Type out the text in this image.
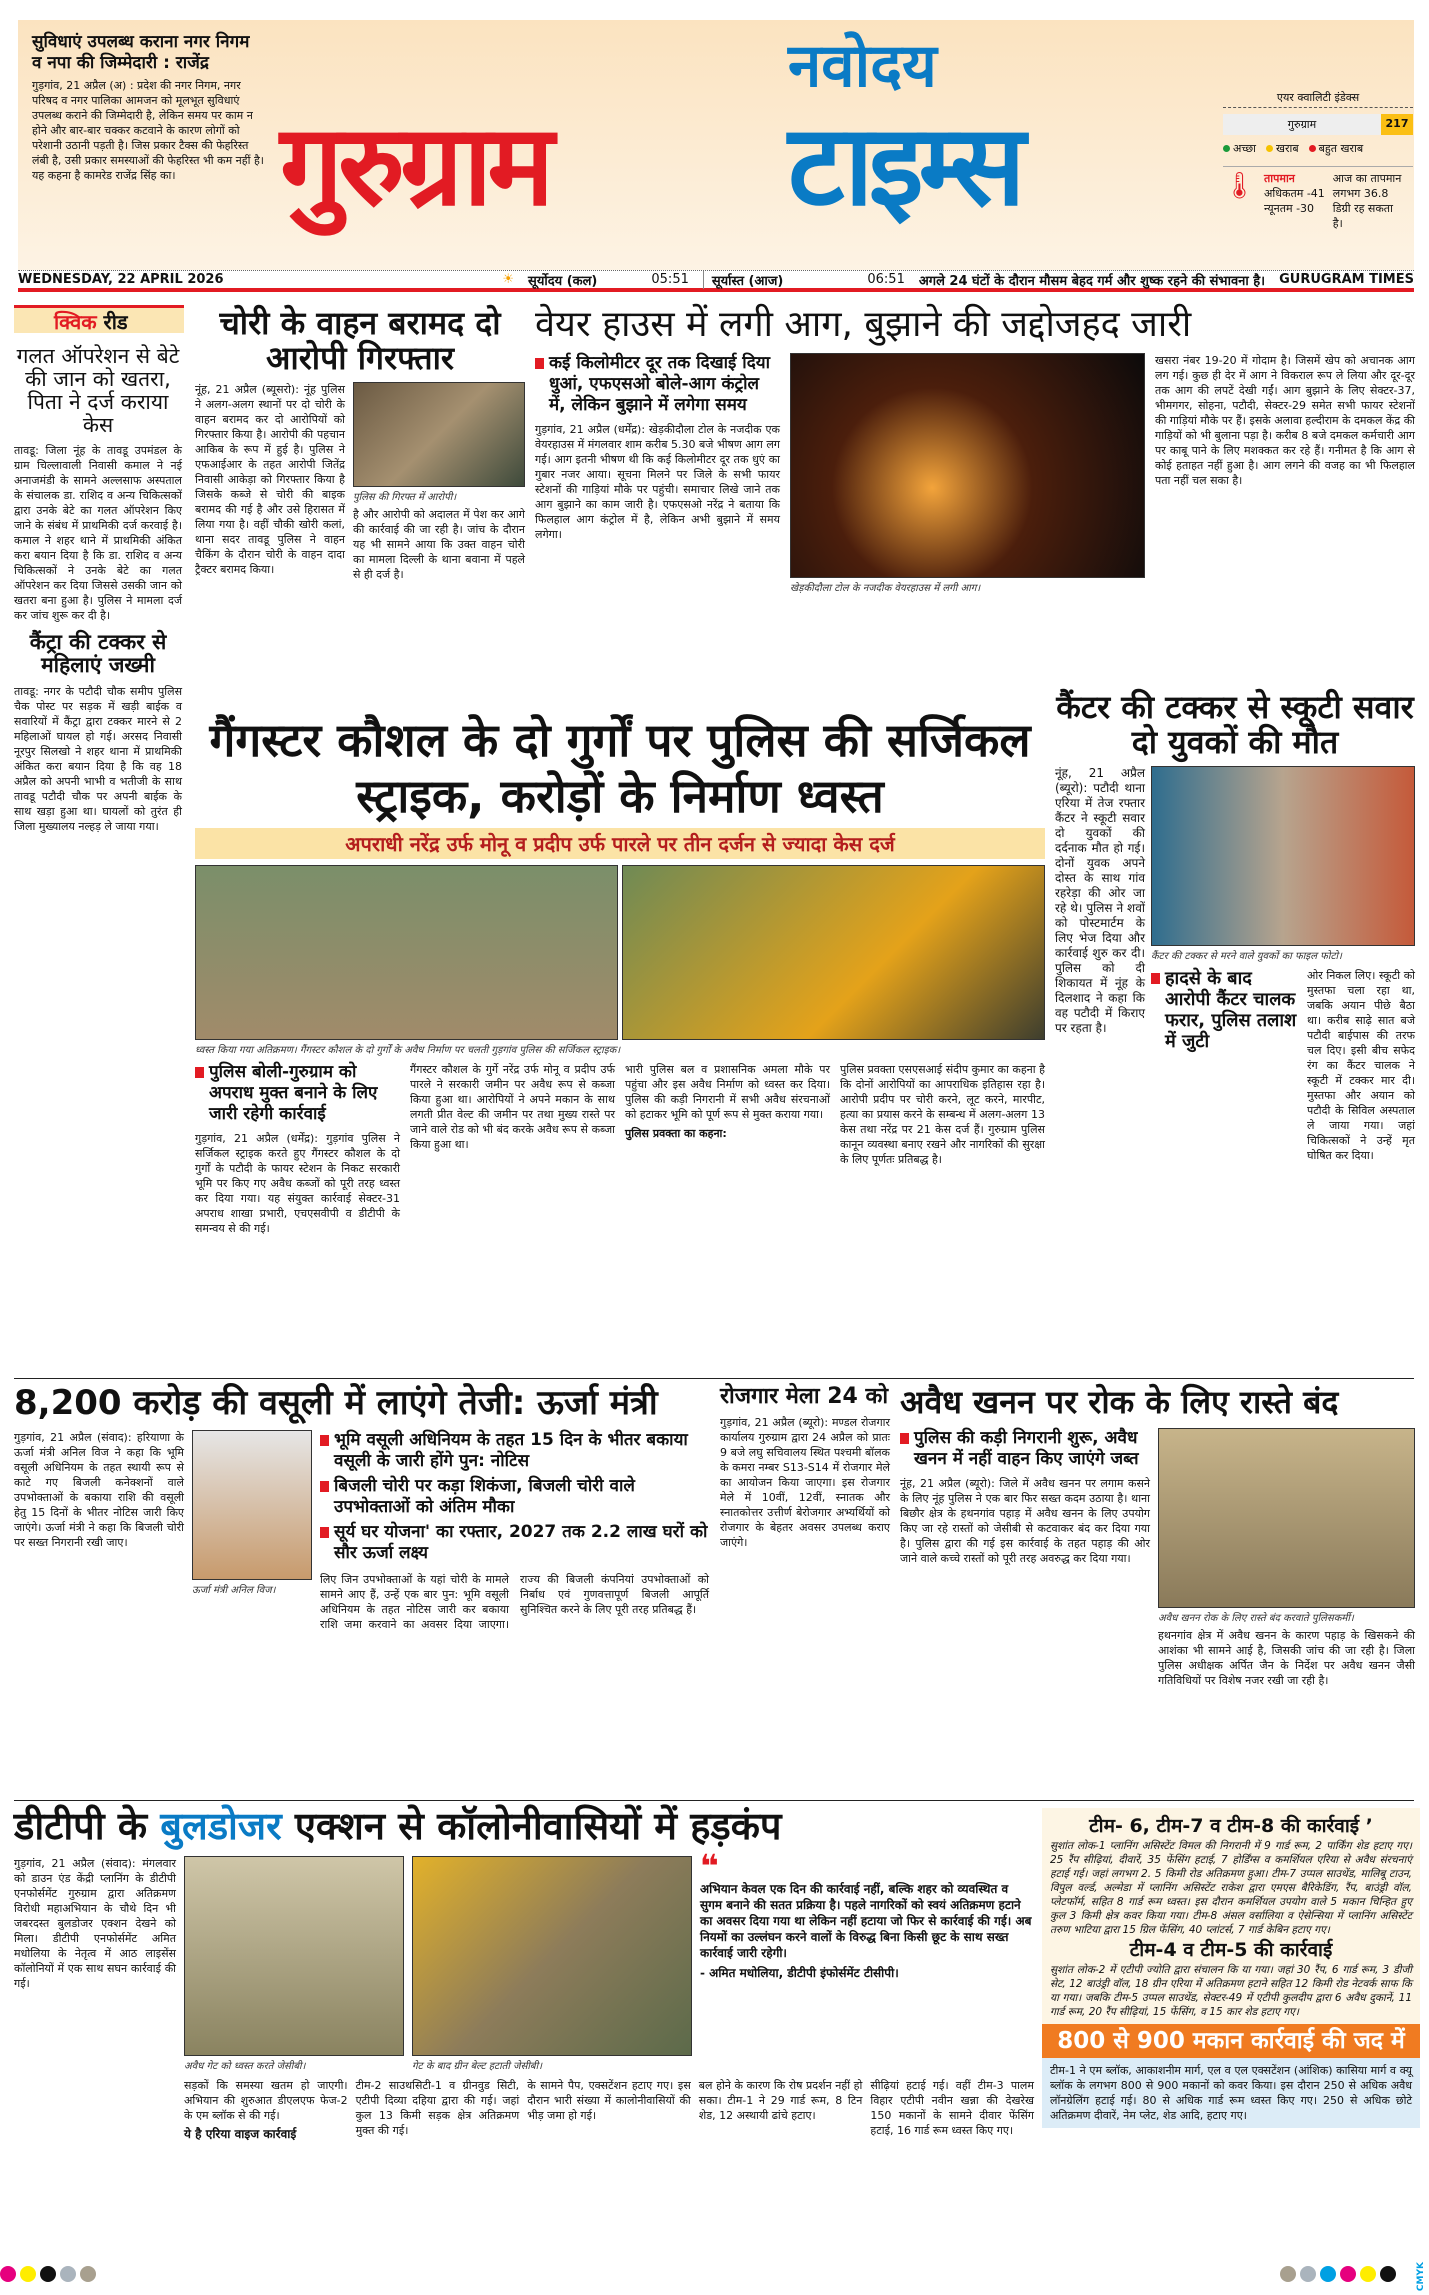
सुविधाएं उपलब्ध कराना नगर निगम व नपा की जिम्मेदारी : राजेंद्र

गुड़गांव, 21 अप्रैल (अ) : प्रदेश की नगर निगम, नगर परिषद व नगर पालिका आमजन को मूलभूत सुविधाएं उपलब्ध कराने की जिम्मेदारी है, लेकिन समय पर काम न होने और बार-बार चक्कर कटवाने के कारण लोगों को परेशानी उठानी पड़ती है। जिस प्रकार टैक्स की फेहरिस्त लंबी है, उसी प्रकार समस्याओं की फेहरिस्त भी कम नहीं है। यह कहना है कामरेड राजेंद्र सिंह का। गुरुग्राम
नवोदय
टाइम्स
एयर क्वालिटी इंडेक्स
गुरुग्राम	217
अच्छा	खराब	बहुत खराब
🌡 तापमान
अधिकतम -41
न्यूनतम -30
आज का तापमान लगभग 36.8 डिग्री रह सकता है।
WEDNESDAY, 22 APRIL 2026	☀ सूर्योदय (कल)	05:51	सूर्यास्त (आज)	06:51 अगले 24 घंटों के दौरान मौसम बेहद गर्म और शुष्क रहने की संभावना है। GURUGRAM TIMES
क्विक रीड
गलत ऑपरेशन से बेटे की जान को खतरा, पिता ने दर्ज कराया केस

तावडू: जिला नूंह के तावडू उपमंडल के ग्राम चिल्लावाली निवासी कमाल ने नई अनाजमंडी के सामने अल्लसाफ अस्पताल के संचालक डा. राशिद व अन्य चिकित्सकों द्वारा उनके बेटे का गलत ऑपरेशन किए जाने के संबंध में प्राथमिकी दर्ज करवाई है। कमाल ने शहर थाने में प्राथमिकी अंकित करा बयान दिया है कि डा. राशिद व अन्य चिकित्सकों ने उनके बेटे का गलत ऑपरेशन कर दिया जिससे उसकी जान को खतरा बना हुआ है। पुलिस ने मामला दर्ज कर जांच शुरू कर दी है।

कैंट्रा की टक्कर से महिलाएं जख्मी

तावडू: नगर के पटौदी चौक समीप पुलिस चैक पोस्ट पर सड़क में खड़ी बाईक व सवारियों में कैंट्रा द्वारा टक्कर मारने से 2 महिलाओं घायल हो गई। अरसद निवासी नूरपुर सिलखो ने शहर थाना में प्राथमिकी अंकित करा बयान दिया है कि वह 18 अप्रैल को अपनी भाभी व भतीजी के साथ तावडू पटौदी चौक पर अपनी बाईक के साथ खड़ा हुआ था। घायलों को तुरंत ही जिला मुख्यालय नल्हड़ ले जाया गया।

चोरी के वाहन बरामद दो आरोपी गिरफ्तार

नूंह, 21 अप्रैल (ब्यूसरो): नूंह पुलिस ने अलग-अलग स्थानों पर दो चोरी के वाहन बरामद कर दो आरोपियों को गिरफ्तार किया है। आरोपी की पहचान आकिब के रूप में हुई है। पुलिस ने एफआईआर के तहत आरोपी जितेंद्र निवासी आकेड़ा को गिरफ्तार किया है जिसके कब्जे से चोरी की बाइक बरामद की गई है और उसे हिरासत में लिया गया है। वहीं चौकी खोरी कलां, थाना सदर तावडू पुलिस ने वाहन चैकिंग के दौरान चोरी के वाहन दादा ट्रैक्टर बरामद किया।

पुलिस की गिरफ्त में आरोपी।

है और आरोपी को अदालत में पेश कर आगे की कार्रवाई की जा रही है। जांच के दौरान यह भी सामने आया कि उक्त वाहन चोरी का मामला दिल्ली के थाना बवाना में पहले से ही दर्ज है।

वेयर हाउस में लगी आग, बुझाने की जद्दोजहद जारी

कई किलोमीटर दूर तक दिखाई दिया धुआं, एफएसओ बोले-आग कंट्रोल में, लेकिन बुझाने में लगेगा समय

गुड़गांव, 21 अप्रैल (धर्मेंद्र): खेड़कीदौला टोल के नजदीक एक वेयरहाउस में मंगलवार शाम करीब 5.30 बजे भीषण आग लग गई। आग इतनी भीषण थी कि कई किलोमीटर दूर तक धुएं का गुबार नजर आया। सूचना मिलने पर जिले के सभी फायर स्टेशनों की गाड़ियां मौके पर पहुंची। समाचार लिखे जाने तक आग बुझाने का काम जारी है। एफएसओ नरेंद्र ने बताया कि फिलहाल आग कंट्रोल में है, लेकिन अभी बुझाने में समय लगेगा।

खेड़कीदौला टोल के नजदीक वेयरहाउस में लगी आग।

खसरा नंबर 19-20 में गोदाम है। जिसमें खेप को अचानक आग लग गई। कुछ ही देर में आग ने विकराल रूप ले लिया और दूर-दूर तक आग की लपटें देखी गईं। आग बुझाने के लिए सेक्टर-37, भीमगगर, सोहना, पटौदी, सेक्टर-29 समेत सभी फायर स्टेशनों की गाड़ियां मौके पर हैं। इसके अलावा हल्दीराम के दमकल केंद्र की गाड़ियों को भी बुलाना पड़ा है। करीब 8 बजे दमकल कर्मचारी आग पर काबू पाने के लिए मशक्कत कर रहे हैं। गनीमत है कि आग से कोई हताहत नहीं हुआ है। आग लगने की वजह का भी फिलहाल पता नहीं चल सका है।

गैंगस्टर कौशल के दो गुर्गों पर पुलिस की सर्जिकल स्ट्राइक, करोड़ों के निर्माण ध्वस्त
अपराधी नरेंद्र उर्फ मोनू व प्रदीप उर्फ पारले पर तीन दर्जन से ज्यादा केस दर्ज
ध्वस्त किया गया अतिक्रमण। गैंगस्टर कौशल के दो गुर्गों के अवैध निर्माण पर चलती गुड़गांव पुलिस की सर्जिकल स्ट्राइक।

पुलिस बोली-गुरुग्राम को अपराध मुक्त बनाने के लिए जारी रहेगी कार्रवाई

गुड़गांव, 21 अप्रैल (धर्मेंद्र): गुड़गांव पुलिस ने सर्जिकल स्ट्राइक करते हुए गैंगस्टर कौशल के दो गुर्गों के पटौदी के फायर स्टेशन के निकट सरकारी भूमि पर किए गए अवैध कब्जों को पूरी तरह ध्वस्त कर दिया गया। यह संयुक्त कार्रवाई सेक्टर-31 अपराध शाखा प्रभारी, एचएसवीपी व डीटीपी के समन्वय से की गई।

गैंगस्टर कौशल के गुर्गे नरेंद्र उर्फ मोनू व प्रदीप उर्फ पारले ने सरकारी जमीन पर अवैध रूप से कब्जा किया हुआ था। आरोपियों ने अपने मकान के साथ लगती प्रीत वेल्ट की जमीन पर तथा मुख्य रास्ते पर जाने वाले रोड को भी बंद करके अवैध रूप से कब्जा किया हुआ था।

भारी पुलिस बल व प्रशासनिक अमला मौके पर पहुंचा और इस अवैध निर्माण को ध्वस्त कर दिया। पुलिस की कड़ी निगरानी में सभी अवैध संरचनाओं को हटाकर भूमि को पूर्ण रूप से मुक्त कराया गया।

पुलिस प्रवक्ता का कहना:

पुलिस प्रवक्ता एसएसआई संदीप कुमार का कहना है कि दोनों आरोपियों का आपराधिक इतिहास रहा है। आरोपी प्रदीप पर चोरी करने, लूट करने, मारपीट, हत्या का प्रयास करने के सम्बन्ध में अलग-अलग 13 केस तथा नरेंद्र पर 21 केस दर्ज हैं। गुरुग्राम पुलिस कानून व्यवस्था बनाए रखने और नागरिकों की सुरक्षा के लिए पूर्णतः प्रतिबद्ध है।

कैंटर की टक्कर से स्कूटी सवार दो युवकों की मौत

नूंह, 21 अप्रैल (ब्यूरो): पटौदी थाना एरिया में तेज रफ्तार कैंटर ने स्कूटी सवार दो युवकों की दर्दनाक मौत हो गई। दोनों युवक अपने दोस्त के साथ गांव रहरेड़ा की ओर जा रहे थे। पुलिस ने शवों को पोस्टमार्टम के लिए भेज दिया और कार्रवाई शुरु कर दी। पुलिस को दी शिकायत में नूंह के दिलशाद ने कहा कि वह पटौदी में किराए पर रहता है।

कैंटर की टक्कर से मरने वाले युवकों का फाइल फोटो।

हादसे के बाद आरोपी कैंटर चालक फरार, पुलिस तलाश में जुटी

ओर निकल लिए। स्कूटी को मुस्तफा चला रहा था, जबकि अयान पीछे बैठा था। करीब साढ़े सात बजे पटौदी बाईपास की तरफ चल दिए। इसी बीच सफेद रंग का कैंटर चालक ने स्कूटी में टक्कर मार दी। मुस्तफा और अयान को पटौदी के सिविल अस्पताल ले जाया गया। जहां चिकित्सकों ने उन्हें मृत घोषित कर दिया।

8,200 करोड़ की वसूली में लाएंगे तेजी: ऊर्जा मंत्री

गुड़गांव, 21 अप्रैल (संवाद): हरियाणा के ऊर्जा मंत्री अनिल विज ने कहा कि भूमि वसूली अधिनियम के तहत स्थायी रूप से काटे गए बिजली कनेक्शनों वाले उपभोक्ताओं के बकाया राशि की वसूली हेतु 15 दिनों के भीतर नोटिस जारी किए जाएंगे। ऊर्जा मंत्री ने कहा कि बिजली चोरी पर सख्त निगरानी रखी जाए।

ऊर्जा मंत्री अनिल विज।

भूमि वसूली अधिनियम के तहत 15 दिन के भीतर बकाया वसूली के जारी होंगे पुन: नोटिस

बिजली चोरी पर कड़ा शिकंजा, बिजली चोरी वाले उपभोक्ताओं को अंतिम मौका

सूर्य घर योजना' का रफ्तार, 2027 तक 2.2 लाख घरों को सौर ऊर्जा लक्ष्य

लिए जिन उपभोक्ताओं के यहां चोरी के मामले सामने आए हैं, उन्हें एक बार पुन: भूमि वसूली अधिनियम के तहत नोटिस जारी कर बकाया राशि जमा करवाने का अवसर दिया जाएगा। राज्य की बिजली कंपनियां उपभोक्ताओं को निर्बाध एवं गुणवत्तापूर्ण बिजली आपूर्ति सुनिश्चित करने के लिए पूरी तरह प्रतिबद्ध हैं।

रोजगार मेला 24 को

गुड़गांव, 21 अप्रैल (ब्यूरो): मण्डल रोजगार कार्यालय गुरुग्राम द्वारा 24 अप्रैल को प्रातः 9 बजे लघु सचिवालय स्थित पश्चमी बॉलक के कमरा नम्बर S13-S14 में रोजगार मेले का आयोजन किया जाएगा। इस रोजगार मेले में 10वीं, 12वीं, स्नातक और स्नातकोत्तर उत्तीर्ण बेरोजगार अभ्यर्थियों को रोजगार के बेहतर अवसर उपलब्ध कराए जाएंगे।

अवैध खनन पर रोक के लिए रास्ते बंद

पुलिस की कड़ी निगरानी शुरू, अवैध खनन में नहीं वाहन किए जाएंगे जब्त

नूंह, 21 अप्रैल (ब्यूरो): जिले में अवैध खनन पर लगाम कसने के लिए नूंह पुलिस ने एक बार फिर सख्त कदम उठाया है। थाना बिछौर क्षेत्र के हथनगांव पहाड़ में अवैध खनन के लिए उपयोग किए जा रहे रास्तों को जेसीबी से कटवाकर बंद कर दिया गया है। पुलिस द्वारा की गई इस कार्रवाई के तहत पहाड़ की ओर जाने वाले कच्चे रास्तों को पूरी तरह अवरुद्ध कर दिया गया।

अवैध खनन रोक के लिए रास्ते बंद करवाते पुलिसकर्मी।

हथनगांव क्षेत्र में अवैध खनन के कारण पहाड़ के खिसकने की आशंका भी सामने आई है, जिसकी जांच की जा रही है। जिला पुलिस अधीक्षक अर्पित जैन के निर्देश पर अवैध खनन जैसी गतिविधियों पर विशेष नजर रखी जा रही है।

डीटीपी के बुलडोजर एक्शन से कॉलोनीवासियों में हड़कंप

गुड़गांव, 21 अप्रैल (संवाद): मंगलवार को डाउन एंड केंद्री प्लानिंग के डीटीपी एनफोर्समेंट गुरुग्राम द्वारा अतिक्रमण विरोधी महाअभियान के चौथे दिन भी जबरदस्त बुलडोजर एक्शन देखने को मिला। डीटीपी एनफोर्समेंट अमित मधोलिया के नेतृत्व में आठ लाइसेंस कॉलोनियों में एक साथ सघन कार्रवाई की गई।

अवैध गेट को ध्वस्त करते जेसीबी।	गेट के बाद ग्रीन बेल्ट हटाती जेसीबी।
❝

अभियान केवल एक दिन की कार्रवाई नहीं, बल्कि शहर को व्यवस्थित व सुगम बनाने की सतत प्रक्रिया है। पहले नागरिकों को स्वयं अतिक्रमण हटाने का अवसर दिया गया था लेकिन नहीं हटाया जो फिर से कार्रवाई की गई। अब नियमों का उल्लंघन करने वालों के विरुद्ध बिना किसी छूट के साथ सख्त कार्रवाई जारी रहेगी।

- अमित मधोलिया, डीटीपी इंफोर्समेंट टीसीपी।

सड़कों कि समस्या खतम हो जाएगी। अभियान की शुरुआत डीएलएफ फेज-2 के एम ब्लॉक से की गई।

ये है एरिया वाइज कार्रवाई

टीम-2 साउथसिटी-1 व ग्रीनवुड सिटी, एटीपी दिव्या दहिया द्वारा की गई। जहां कुल 13 किमी सड़क क्षेत्र अतिक्रमण मुक्त की गई।

के सामने पैप, एक्सटेंशन हटाए गए। इस दौरान भारी संख्या में कालोनीवासियों की भीड़ जमा हो गई।

बल होने के कारण कि रोष प्रदर्शन नहीं हो सका। टीम-1 ने 29 गार्ड रूम, 8 टिन शेड, 12 अस्थायी ढांचे हटाए।

सीढ़ियां हटाई गई। वहीं टीम-3 पालम विहार एटीपी नवीन खन्ना की देखरेख 150 मकानों के सामने दीवार फेंसिंग हटाई, 16 गार्ड रूम ध्वस्त किए गए।

टीम- 6, टीम-7 व टीम-8 की कार्रवाई ’

सुशांत लोक-1 प्लानिंग असिस्टेंट विमल की निगरानी में 9 गार्ड रूम, 2 पार्किंग शेड हटाए गए। 25 रैंप सीढ़ियां, दीवारें, 35 फेंसिंग हटाई, 7 होर्डिंग्स व कमर्शियल एरिया से अवैध संरचनाएं हटाई गई। जहां लगभग 2. 5 किमी रोड अतिक्रमण हुआ। टीम-7 उप्पल साउथेंड, मालिबू टाउन, विपुल वर्ल्ड, अल्मेडा में प्लानिंग असिस्टेंट राकेश द्वारा एमएस बैरिकेडिंग, रैंप, बाउंड्री वॉल, प्लेटफॉर्म, सहित 8 गार्ड रूम ध्वस्त। इस दौरान कमर्शियल उपयोग वाले 5 मकान चिन्हित हुए कुल 3 किमी क्षेत्र कवर किया गया। टीम-8 अंसल वर्सालिया व ऐसेन्सिया में प्लानिंग असिस्टेंट तरुण भाटिया द्वारा 15 ग्रिल फेंसिंग, 40 प्लांटर्स, 7 गार्ड केबिन हटाए गए।

टीम-4 व टीम-5 की कार्रवाई

सुशांत लोक-2 में एटीपी ज्योति द्वारा संचालन कि या गया। जहां 30 रैंप, 6 गार्ड रूम, 3 डीजी सेट, 12 बाउंड्री वॉल, 18 ग्रीन एरिया में अतिक्रमण हटाने सहित 12 किमी रोड नेटवर्क साफ कि या गया। जबकि टीम-5 उप्पल साउथेंड, सेक्टर-49 में एटीपी कुलदीप द्वारा 6 अवैध दुकानें, 11 गार्ड रूम, 20 रैंप सीढ़ियां, 15 फेंसिंग, व 15 कार शेड हटाए गए।

800 से 900 मकान कार्रवाई की जद में
टीम-1 ने एम ब्लॉक, आकाशनीम मार्ग, एल व एल एक्सटेंशन (आंशिक) कासिया मार्ग व क्यू ब्लॉक के लगभग 800 से 900 मकानों को कवर किया। इस दौरान 250 से अधिक अवैध लॉनग्रेलिंग हटाई गई। 80 से अधिक गार्ड रूम ध्वस्त किए गए। 250 से अधिक छोटे अतिक्रमण दीवारें, नेम प्लेट, शेड आदि, हटाए गए।
CMYK
